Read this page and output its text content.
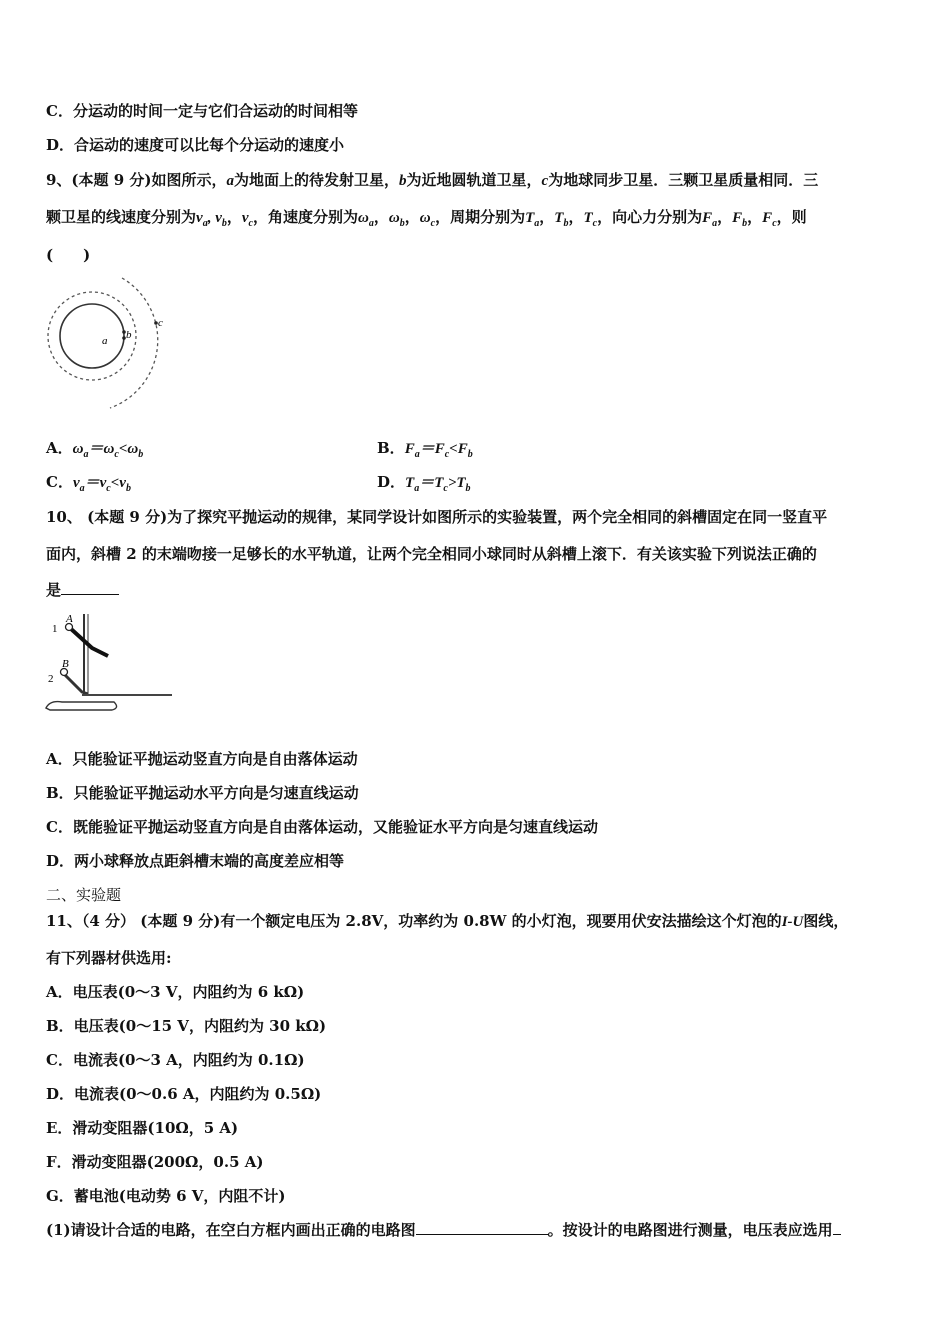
C．分运动的时间一定与它们合运动的时间相等
D．合运动的速度可以比每个分运动的速度小
9、(本题 9 分)如图所示，a为地面上的待发射卫星，b为近地圆轨道卫星，c为地球同步卫星．三颗卫星质量相同．三
颗卫星的线速度分别为$v_a$, $v_b$，$v_c$，角速度分别为$\omega_a$，$\omega_b$，$\omega_c$，周期分别为$T_a$，$T_b$，$T_c$，向心力分别为$F_a$，$F_b$，$F_c$，则
(　　)
a b
c
A．$\omega_a=\omega_c<\omega_b$	B．$F_a=F_c<F_b$
C．$v_a=v_c<v_b$	D．$T_a=T_c>T_b$
10、 (本题 9 分)为了探究平抛运动的规律，某同学设计如图所示的实验装置，两个完全相同的斜槽固定在同一竖直平
面内，斜槽 2 的末端吻接一足够长的水平轨道，让两个完全相同小球同时从斜槽上滚下．有关该实验下列说法正确的
是
A
1
B
2
A．只能验证平抛运动竖直方向是自由落体运动
B．只能验证平抛运动水平方向是匀速直线运动
C．既能验证平抛运动竖直方向是自由落体运动，又能验证水平方向是匀速直线运动
D．两小球释放点距斜槽末端的高度差应相等
二、实验题
11、（4 分） (本题 9 分)有一个额定电压为 2.8V，功率约为 0.8W 的小灯泡，现要用伏安法描绘这个灯泡的I-U图线，
有下列器材供选用:
A．电压表(0～3 V，内阻约为 6 kΩ)
B．电压表(0～15 V，内阻约为 30 kΩ)
C．电流表(0～3 A，内阻约为 0.1Ω)
D．电流表(0～0.6 A，内阻约为 0.5Ω)
E．滑动变阻器(10Ω，5 A)
F．滑动变阻器(200Ω，0.5 A)
G．蓄电池(电动势 6 V，内阻不计)
(1)请设计合适的电路，在空白方框内画出正确的电路图	。按设计的电路图进行测量，电压表应选用
